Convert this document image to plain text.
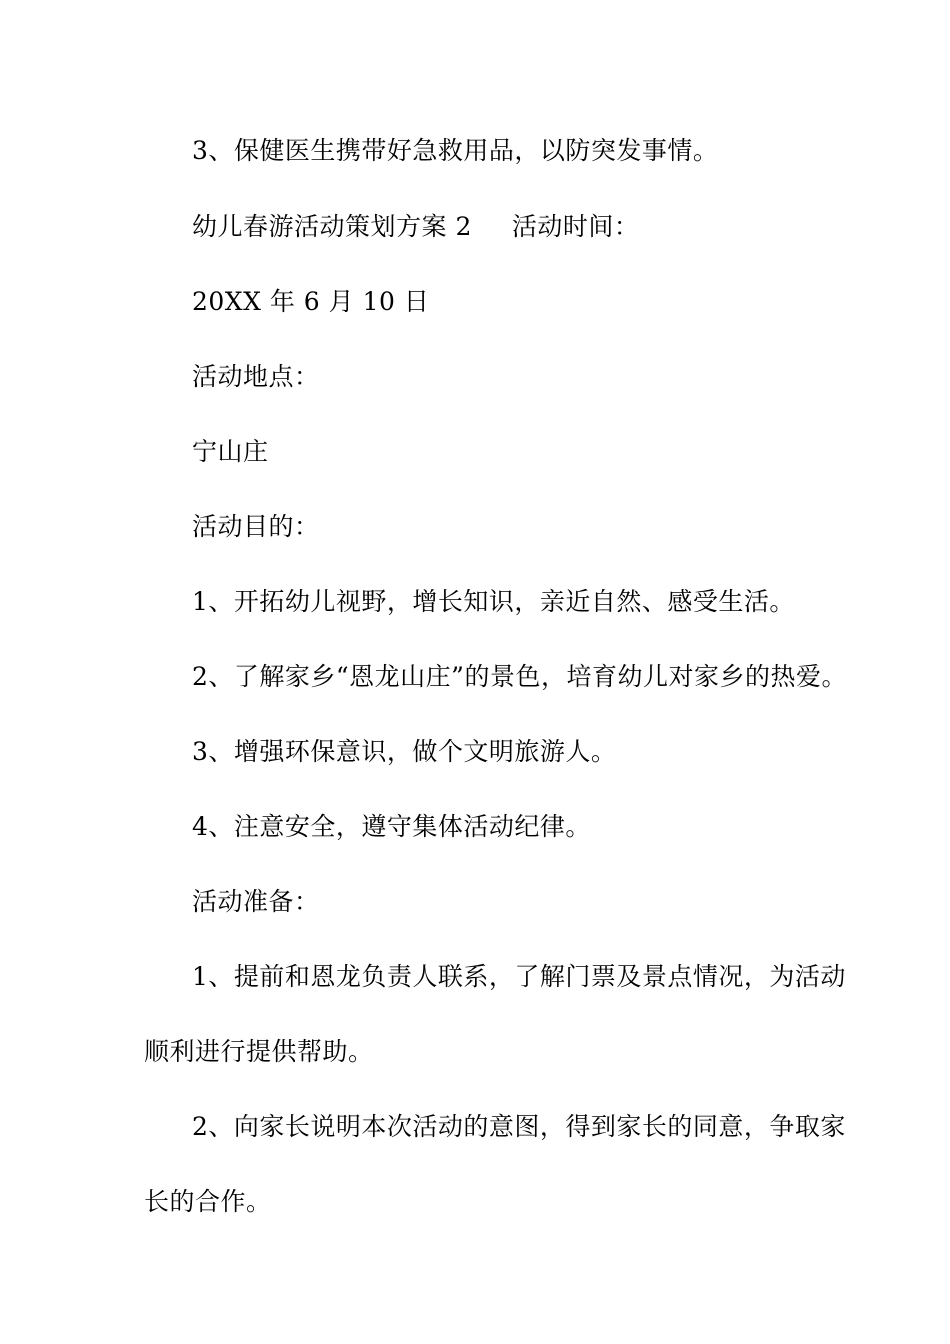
3、保健医生携带好急救用品，以防突发事情。
幼儿春游活动策划方案 2 活动时间：
20XX 年 6 月 10 日
活动地点：
宁山庄
活动目的：
1、开拓幼儿视野，增长知识，亲近自然、感受生活。
2、了解家乡“恩龙山庄”的景色，培育幼儿对家乡的热爱。
3、增强环保意识，做个文明旅游人。
4、注意安全，遵守集体活动纪律。
活动准备：
1、提前和恩龙负责人联系，了解门票及景点情况，为活动
顺利进行提供帮助。
2、向家长说明本次活动的意图，得到家长的同意，争取家
长的合作。
